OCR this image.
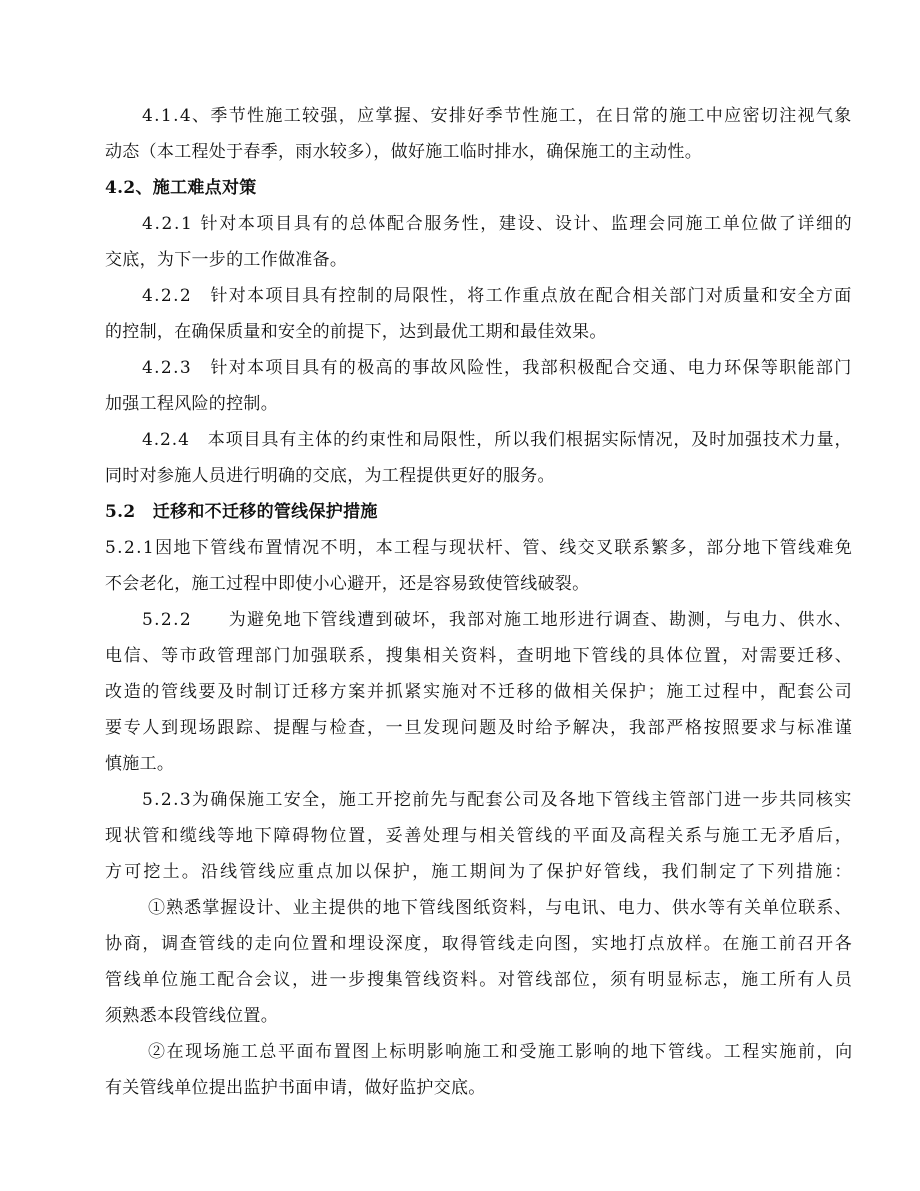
4.1.4、季节性施工较强，应掌握、安排好季节性施工，在日常的施工中应密切注视气象
动态（本工程处于春季，雨水较多），做好施工临时排水，确保施工的主动性。
4.2、施工难点对策
4.2.1 针对本项目具有的总体配合服务性，建设、设计、监理会同施工单位做了详细的
交底，为下一步的工作做准备。
4.2.2　针对本项目具有控制的局限性，将工作重点放在配合相关部门对质量和安全方面
的控制，在确保质量和安全的前提下，达到最优工期和最佳效果。
4.2.3　针对本项目具有的极高的事故风险性，我部积极配合交通、电力环保等职能部门
加强工程风险的控制。
4.2.4　本项目具有主体的约束性和局限性，所以我们根据实际情况，及时加强技术力量，
同时对参施人员进行明确的交底，为工程提供更好的服务。
5.2　迁移和不迁移的管线保护措施
5.2.1因地下管线布置情况不明，本工程与现状杆、管、线交叉联系繁多，部分地下管线难免
不会老化，施工过程中即使小心避开，还是容易致使管线破裂。
5.2.2　　为避免地下管线遭到破坏，我部对施工地形进行调查、勘测，与电力、供水、
电信、等市政管理部门加强联系，搜集相关资料，查明地下管线的具体位置，对需要迁移、
改造的管线要及时制订迁移方案并抓紧实施对不迁移的做相关保护；施工过程中，配套公司
要专人到现场跟踪、提醒与检查，一旦发现问题及时给予解决，我部严格按照要求与标准谨
慎施工。
5.2.3为确保施工安全，施工开挖前先与配套公司及各地下管线主管部门进一步共同核实
现状管和缆线等地下障碍物位置，妥善处理与相关管线的平面及高程关系与施工无矛盾后，
方可挖土。沿线管线应重点加以保护，施工期间为了保护好管线，我们制定了下列措施：
①熟悉掌握设计、业主提供的地下管线图纸资料，与电讯、电力、供水等有关单位联系、
协商，调查管线的走向位置和埋设深度，取得管线走向图，实地打点放样。在施工前召开各
管线单位施工配合会议，进一步搜集管线资料。对管线部位，须有明显标志，施工所有人员
须熟悉本段管线位置。
②在现场施工总平面布置图上标明影响施工和受施工影响的地下管线。工程实施前，向
有关管线单位提出监护书面申请，做好监护交底。
